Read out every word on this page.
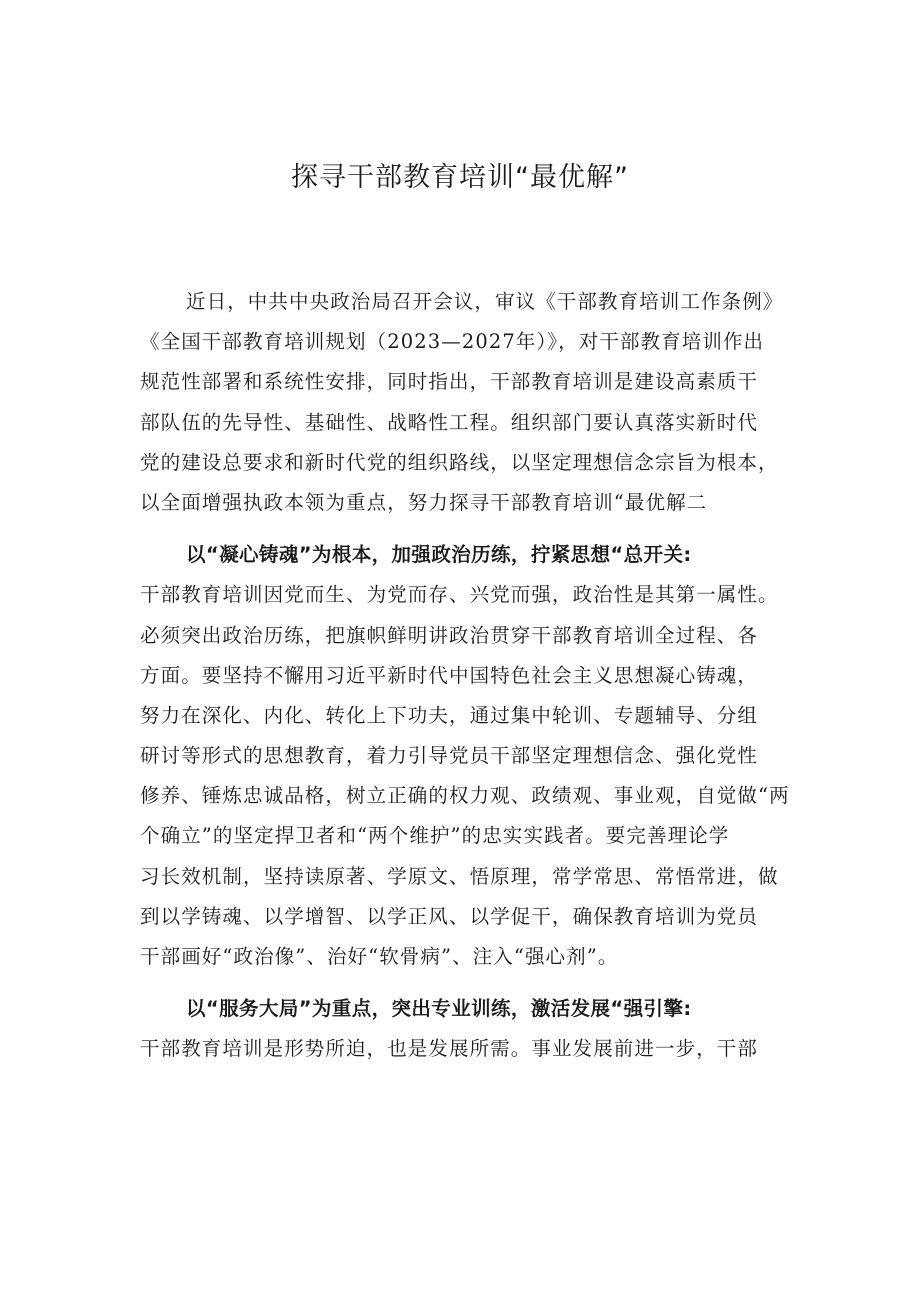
探寻干部教育培训“最优解”
近日，中共中央政治局召开会议，审议《干部教育培训工作条例》
《全国干部教育培训规划（2023—2027年）》，对干部教育培训作出
规范性部署和系统性安排，同时指出，干部教育培训是建设高素质干
部队伍的先导性、基础性、战略性工程。组织部门要认真落实新时代
党的建设总要求和新时代党的组织路线，以坚定理想信念宗旨为根本，
以全面增强执政本领为重点，努力探寻干部教育培训“最优解二
以“凝心铸魂”为根本，加强政治历练，拧紧思想“总开关:
干部教育培训因党而生、为党而存、兴党而强，政治性是其第一属性。
必须突出政治历练，把旗帜鲜明讲政治贯穿干部教育培训全过程、各
方面。要坚持不懈用习近平新时代中国特色社会主义思想凝心铸魂，
努力在深化、内化、转化上下功夫，通过集中轮训、专题辅导、分组
研讨等形式的思想教育，着力引导党员干部坚定理想信念、强化党性
修养、锤炼忠诚品格，树立正确的权力观、政绩观、事业观，自觉做“两
个确立”的坚定捍卫者和“两个维护”的忠实实践者。要完善理论学
习长效机制，坚持读原著、学原文、悟原理，常学常思、常悟常进，做
到以学铸魂、以学增智、以学正风、以学促干，确保教育培训为党员
干部画好“政治像”、治好“软骨病”、注入“强心剂”。
以“服务大局”为重点，突出专业训练，激活发展“强引擎:
干部教育培训是形势所迫，也是发展所需。事业发展前进一步，干部
